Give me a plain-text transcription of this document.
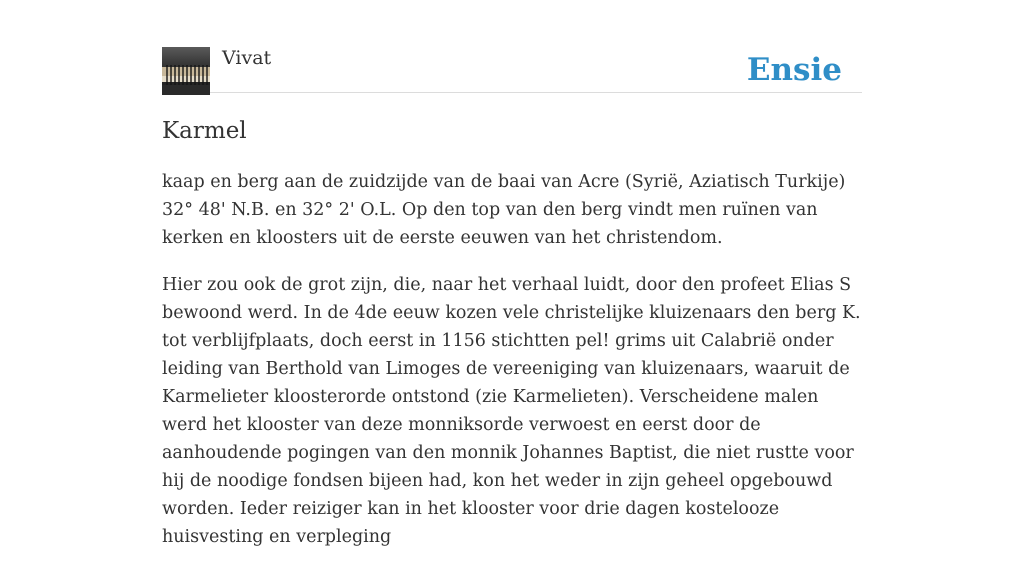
Vivat	Ensie
Karmel

kaap en berg aan de zuidzijde van de baai van Acre (Syrië, Aziatisch Turkije) 32° 48' N.B. en 32° 2' O.L. Op den top van den berg vindt men ruïnen van kerken en kloosters uit de eerste eeuwen van het christendom.

Hier zou ook de grot zijn, die, naar het verhaal luidt, door den profeet Elias S bewoond werd. In de 4de eeuw kozen vele christelijke kluizenaars den berg K. tot verblijfplaats, doch eerst in 1156 stichtten pel! grims uit Calabrië onder leiding van Berthold van Limoges de vereeniging van kluizenaars, waaruit de Karmelieter kloosterorde ontstond (zie Karmelieten). Verscheidene malen werd het klooster van deze monniksorde verwoest en eerst door de aanhoudende pogingen van den monnik Johannes Baptist, die niet rustte voor hij de noodige fondsen bijeen had, kon het weder in zijn geheel opgebouwd worden. Ieder reiziger kan in het klooster voor drie dagen kostelooze huisvesting en verpleging
